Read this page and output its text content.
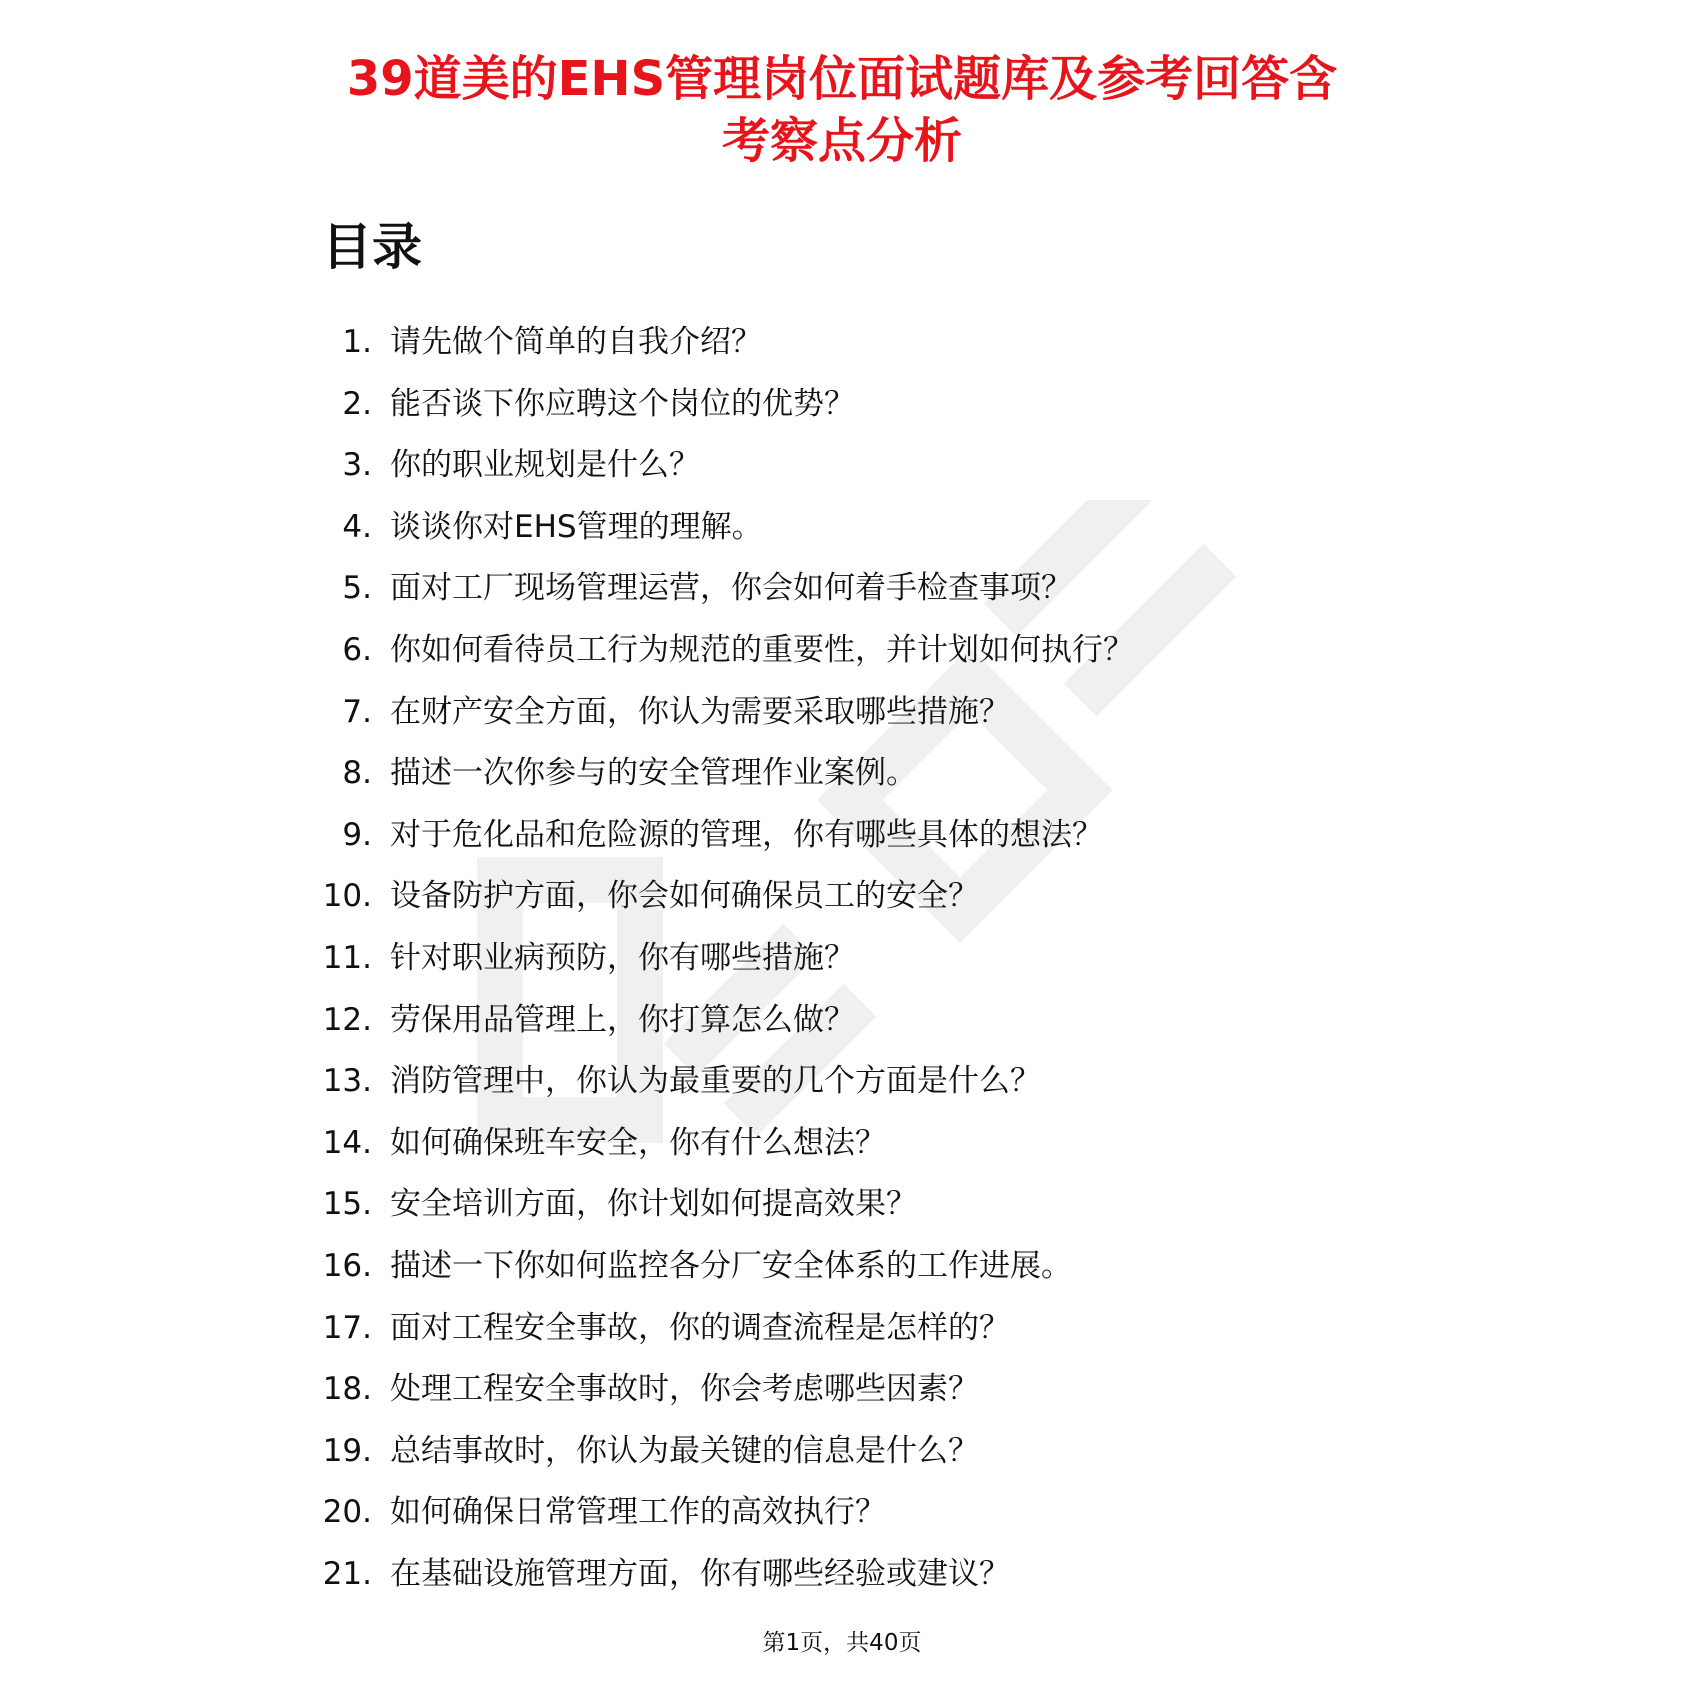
39道美的EHS管理岗位面试题库及参考回答含
考察点分析
目录
1. 请先做个简单的自我介绍？
2. 能否谈下你应聘这个岗位的优势？
3. 你的职业规划是什么？
4. 谈谈你对EHS管理的理解。
5. 面对工厂现场管理运营，你会如何着手检查事项？
6. 你如何看待员工行为规范的重要性，并计划如何执行？
7. 在财产安全方面，你认为需要采取哪些措施？
8. 描述一次你参与的安全管理作业案例。
9. 对于危化品和危险源的管理，你有哪些具体的想法？
10. 设备防护方面，你会如何确保员工的安全？
11. 针对职业病预防，你有哪些措施？
12. 劳保用品管理上，你打算怎么做？
13. 消防管理中，你认为最重要的几个方面是什么？
14. 如何确保班车安全，你有什么想法？
15. 安全培训方面，你计划如何提高效果？
16. 描述一下你如何监控各分厂安全体系的工作进展。
17. 面对工程安全事故，你的调查流程是怎样的？
18. 处理工程安全事故时，你会考虑哪些因素？
19. 总结事故时，你认为最关键的信息是什么？
20. 如何确保日常管理工作的高效执行？
21. 在基础设施管理方面，你有哪些经验或建议？
第1页，共40页
